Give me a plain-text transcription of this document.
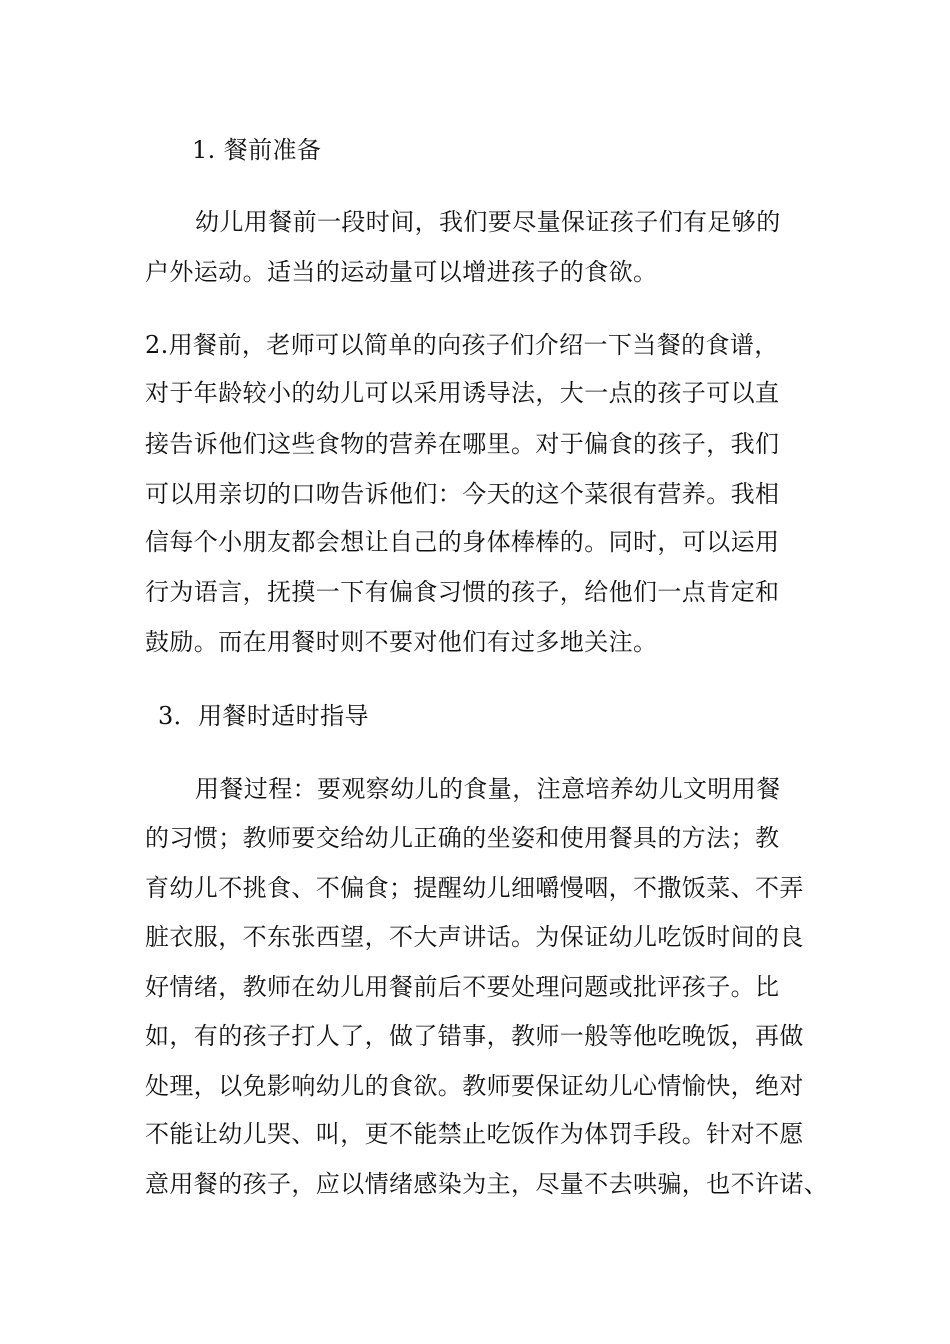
1. 餐前准备
幼儿用餐前一段时间，我们要尽量保证孩子们有足够的
户外运动。适当的运动量可以增进孩子的食欲。
2.用餐前，老师可以简单的向孩子们介绍一下当餐的食谱，
对于年龄较小的幼儿可以采用诱导法，大一点的孩子可以直
接告诉他们这些食物的营养在哪里。对于偏食的孩子，我们
可以用亲切的口吻告诉他们：今天的这个菜很有营养。我相
信每个小朋友都会想让自己的身体棒棒的。同时，可以运用
行为语言，抚摸一下有偏食习惯的孩子，给他们一点肯定和
鼓励。而在用餐时则不要对他们有过多地关注。
3．用餐时适时指导
用餐过程：要观察幼儿的食量，注意培养幼儿文明用餐
的习惯；教师要交给幼儿正确的坐姿和使用餐具的方法；教
育幼儿不挑食、不偏食；提醒幼儿细嚼慢咽，不撒饭菜、不弄
脏衣服，不东张西望，不大声讲话。为保证幼儿吃饭时间的良
好情绪，教师在幼儿用餐前后不要处理问题或批评孩子。比
如，有的孩子打人了，做了错事，教师一般等他吃晚饭，再做
处理，以免影响幼儿的食欲。教师要保证幼儿心情愉快，绝对
不能让幼儿哭、叫，更不能禁止吃饭作为体罚手段。针对不愿
意用餐的孩子，应以情绪感染为主，尽量不去哄骗，也不许诺、
